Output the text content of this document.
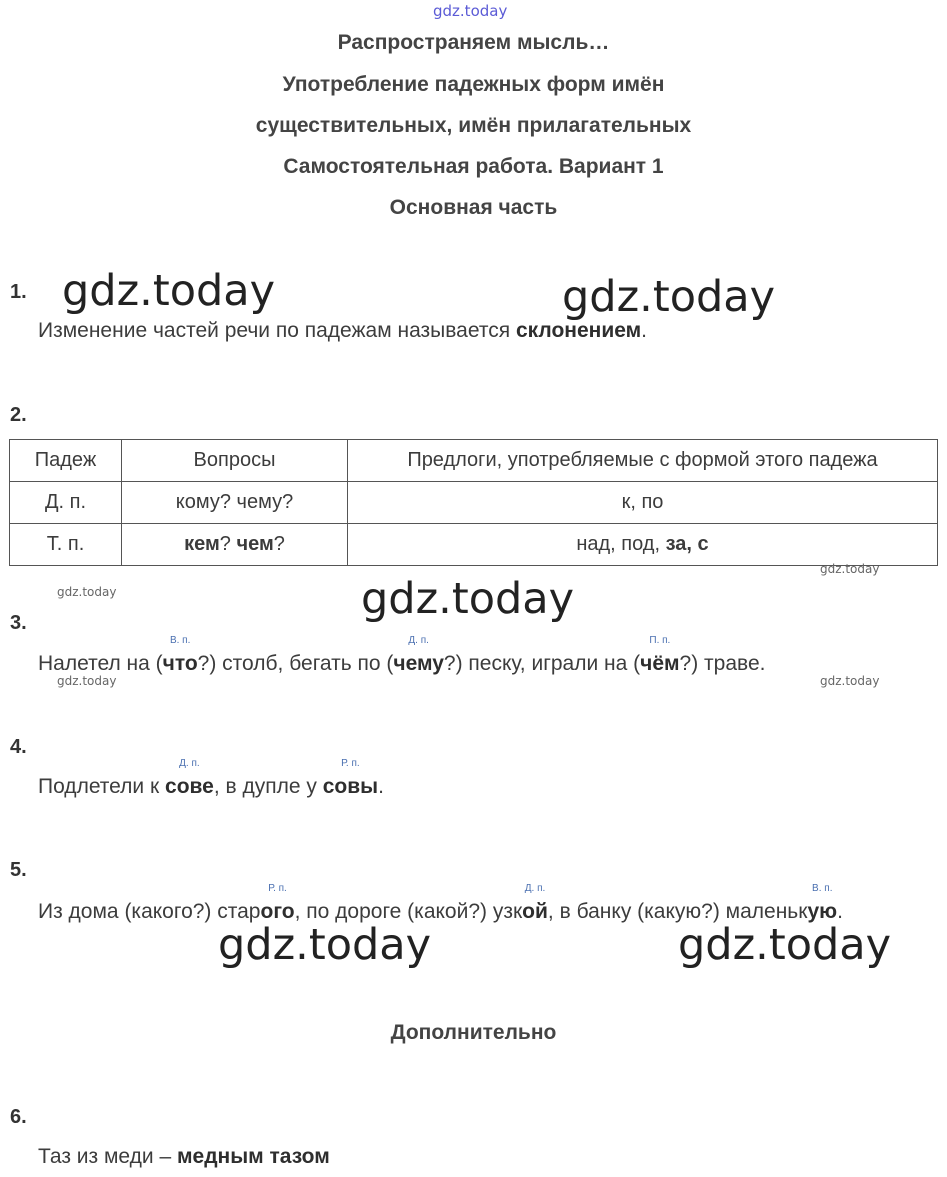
gdz.today
Распространяем мысль…
Употребление падежных форм имён
существительных, имён прилагательных
Самостоятельная работа. Вариант 1
Основная часть
1. gdz.today	gdz.today
Изменение частей речи по падежам называется склонением.
2.
Падеж	Вопросы	Предлоги, употребляемые с формой этого падежа
Д. п.	кому? чему?	к, по
Т. п.	кем? чем?	над, под, за, с
gdz.today
gdz.today	gdz.today
3.
Налетел на (
В. п.
что?) столб, бегать по (
Д. п.
чему?) песку, играли на (
П. п.
чём?) траве.
gdz.today	gdz.today
4.
Подлетели к
Д. п.
сове, в дупле у
Р. п.
совы.
5.
Из дома (какого?) стар
Р. п.
ого, по дороге (какой?) узк
Д. п.
ой, в банку (какую?) маленьк
В. п.
ую.
gdz.today	gdz.today
Дополнительно
6.
Таз из меди – медным тазом
